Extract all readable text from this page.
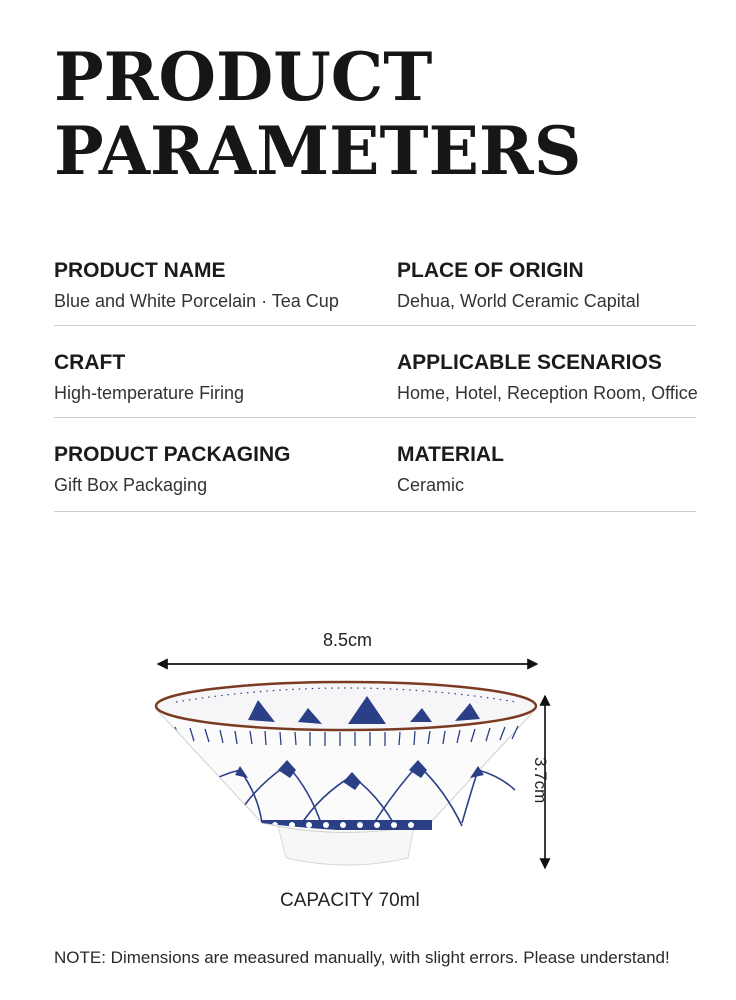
PRODUCT
PARAMETERS
PRODUCT NAME
Blue and White Porcelain · Tea Cup
PLACE OF ORIGIN
Dehua, World Ceramic Capital
CRAFT
High-temperature Firing
APPLICABLE SCENARIOS
Home, Hotel, Reception Room, Office
PRODUCT PACKAGING
Gift Box Packaging
MATERIAL
Ceramic
8.5cm
3.7cm
CAPACITY 70ml
NOTE: Dimensions are measured manually, with slight errors. Please understand!
